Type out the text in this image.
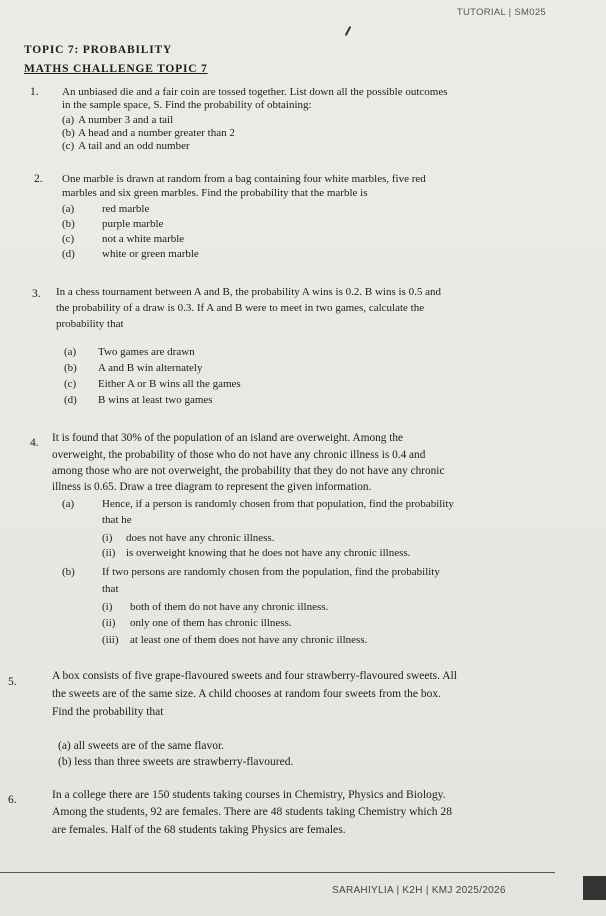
TUTORIAL | SM025
TOPIC 7: PROBABILITY
MATHS CHALLENGE TOPIC 7
1. An unbiased die and a fair coin are tossed together. List down all the possible outcomes
in the sample space, S. Find the probability of obtaining:
(a) A number 3 and a tail
(b) A head and a number greater than 2
(c) A tail and an odd number
2. One marble is drawn at random from a bag containing four white marbles, five red
marbles and six green marbles. Find the probability that the marble is
(a)	red marble
(b) purple marble
(c)	not a white marble
(d) white or green marble
3. In a chess tournament between A and B, the probability A wins is 0.2. B wins is 0.5 and
the probability of a draw is 0.3. If A and B were to meet in two games, calculate the
probability that
(a) Two games are drawn
(b) A and B win alternately
(c) Either A or B wins all the games
(d) B wins at least two games
4. It is found that 30% of the population of an island are overweight. Among the
overweight, the probability of those who do not have any chronic illness is 0.4 and
among those who are not overweight, the probability that they do not have any chronic
illness is 0.65. Draw a tree diagram to represent the given information.
(a)	Hence, if a person is randomly chosen from that population, find the probability
that he
(i) does not have any chronic illness.
(ii) is overweight knowing that he does not have any chronic illness.
(b) If two persons are randomly chosen from the population, find the probability
that
(i) both of them do not have any chronic illness.
(ii) only one of them has chronic illness.
(iii) at least one of them does not have any chronic illness.
5.	A box consists of five grape-flavoured sweets and four strawberry-flavoured sweets. All
the sweets are of the same size. A child chooses at random four sweets from the box.
Find the probability that
(a) all sweets are of the same flavor.
(b) less than three sweets are strawberry-flavoured.
6.	In a college there are 150 students taking courses in Chemistry, Physics and Biology.
Among the students, 92 are females. There are 48 students taking Chemistry which 28
are females. Half of the 68 students taking Physics are females.
SARAHIYLIA | K2H | KMJ 2025/2026
